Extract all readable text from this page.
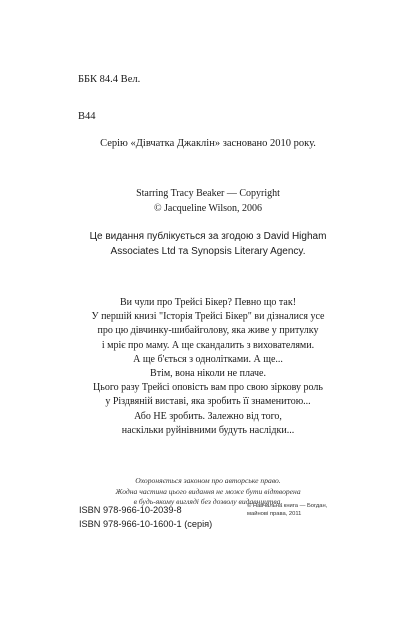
ББК 84.4 Вел.
В44
Серію «Дівчатка Джаклін» засновано 2010 року.
Starring Tracy Beaker — Copyright
© Jacqueline Wilson, 2006
Це видання публікується за згодою з David Higham
Associates Ltd та Synopsis Literary Agency.
Ви чули про Трейсі Бікер? Певно що так!
У першій книзі "Історія Трейсі Бікер" ви дізналися усе
про цю дівчинку-шибайголову, яка живе у притулку
і мріє про маму. А ще скандалить з вихователями.
А ще б'ється з однолітками. А ще...
Втім, вона ніколи не плаче.
Цього разу Трейсі оповість вам про свою зіркову роль
у Різдвяній виставі, яка зробить її знаменитою...
Або НЕ зробить. Залежно від того,
наскільки руйнівними будуть наслідки...
Охороняється законом про авторське право.
Жодна частина цього видання не може бути відтворена
в будь-якому вигляді без дозволу видавництва.
ISBN 978-966-10-2039-8
ISBN 978-966-10-1600-1 (серія)
© Навчальна книга — Богдан,
майнові права, 2011
